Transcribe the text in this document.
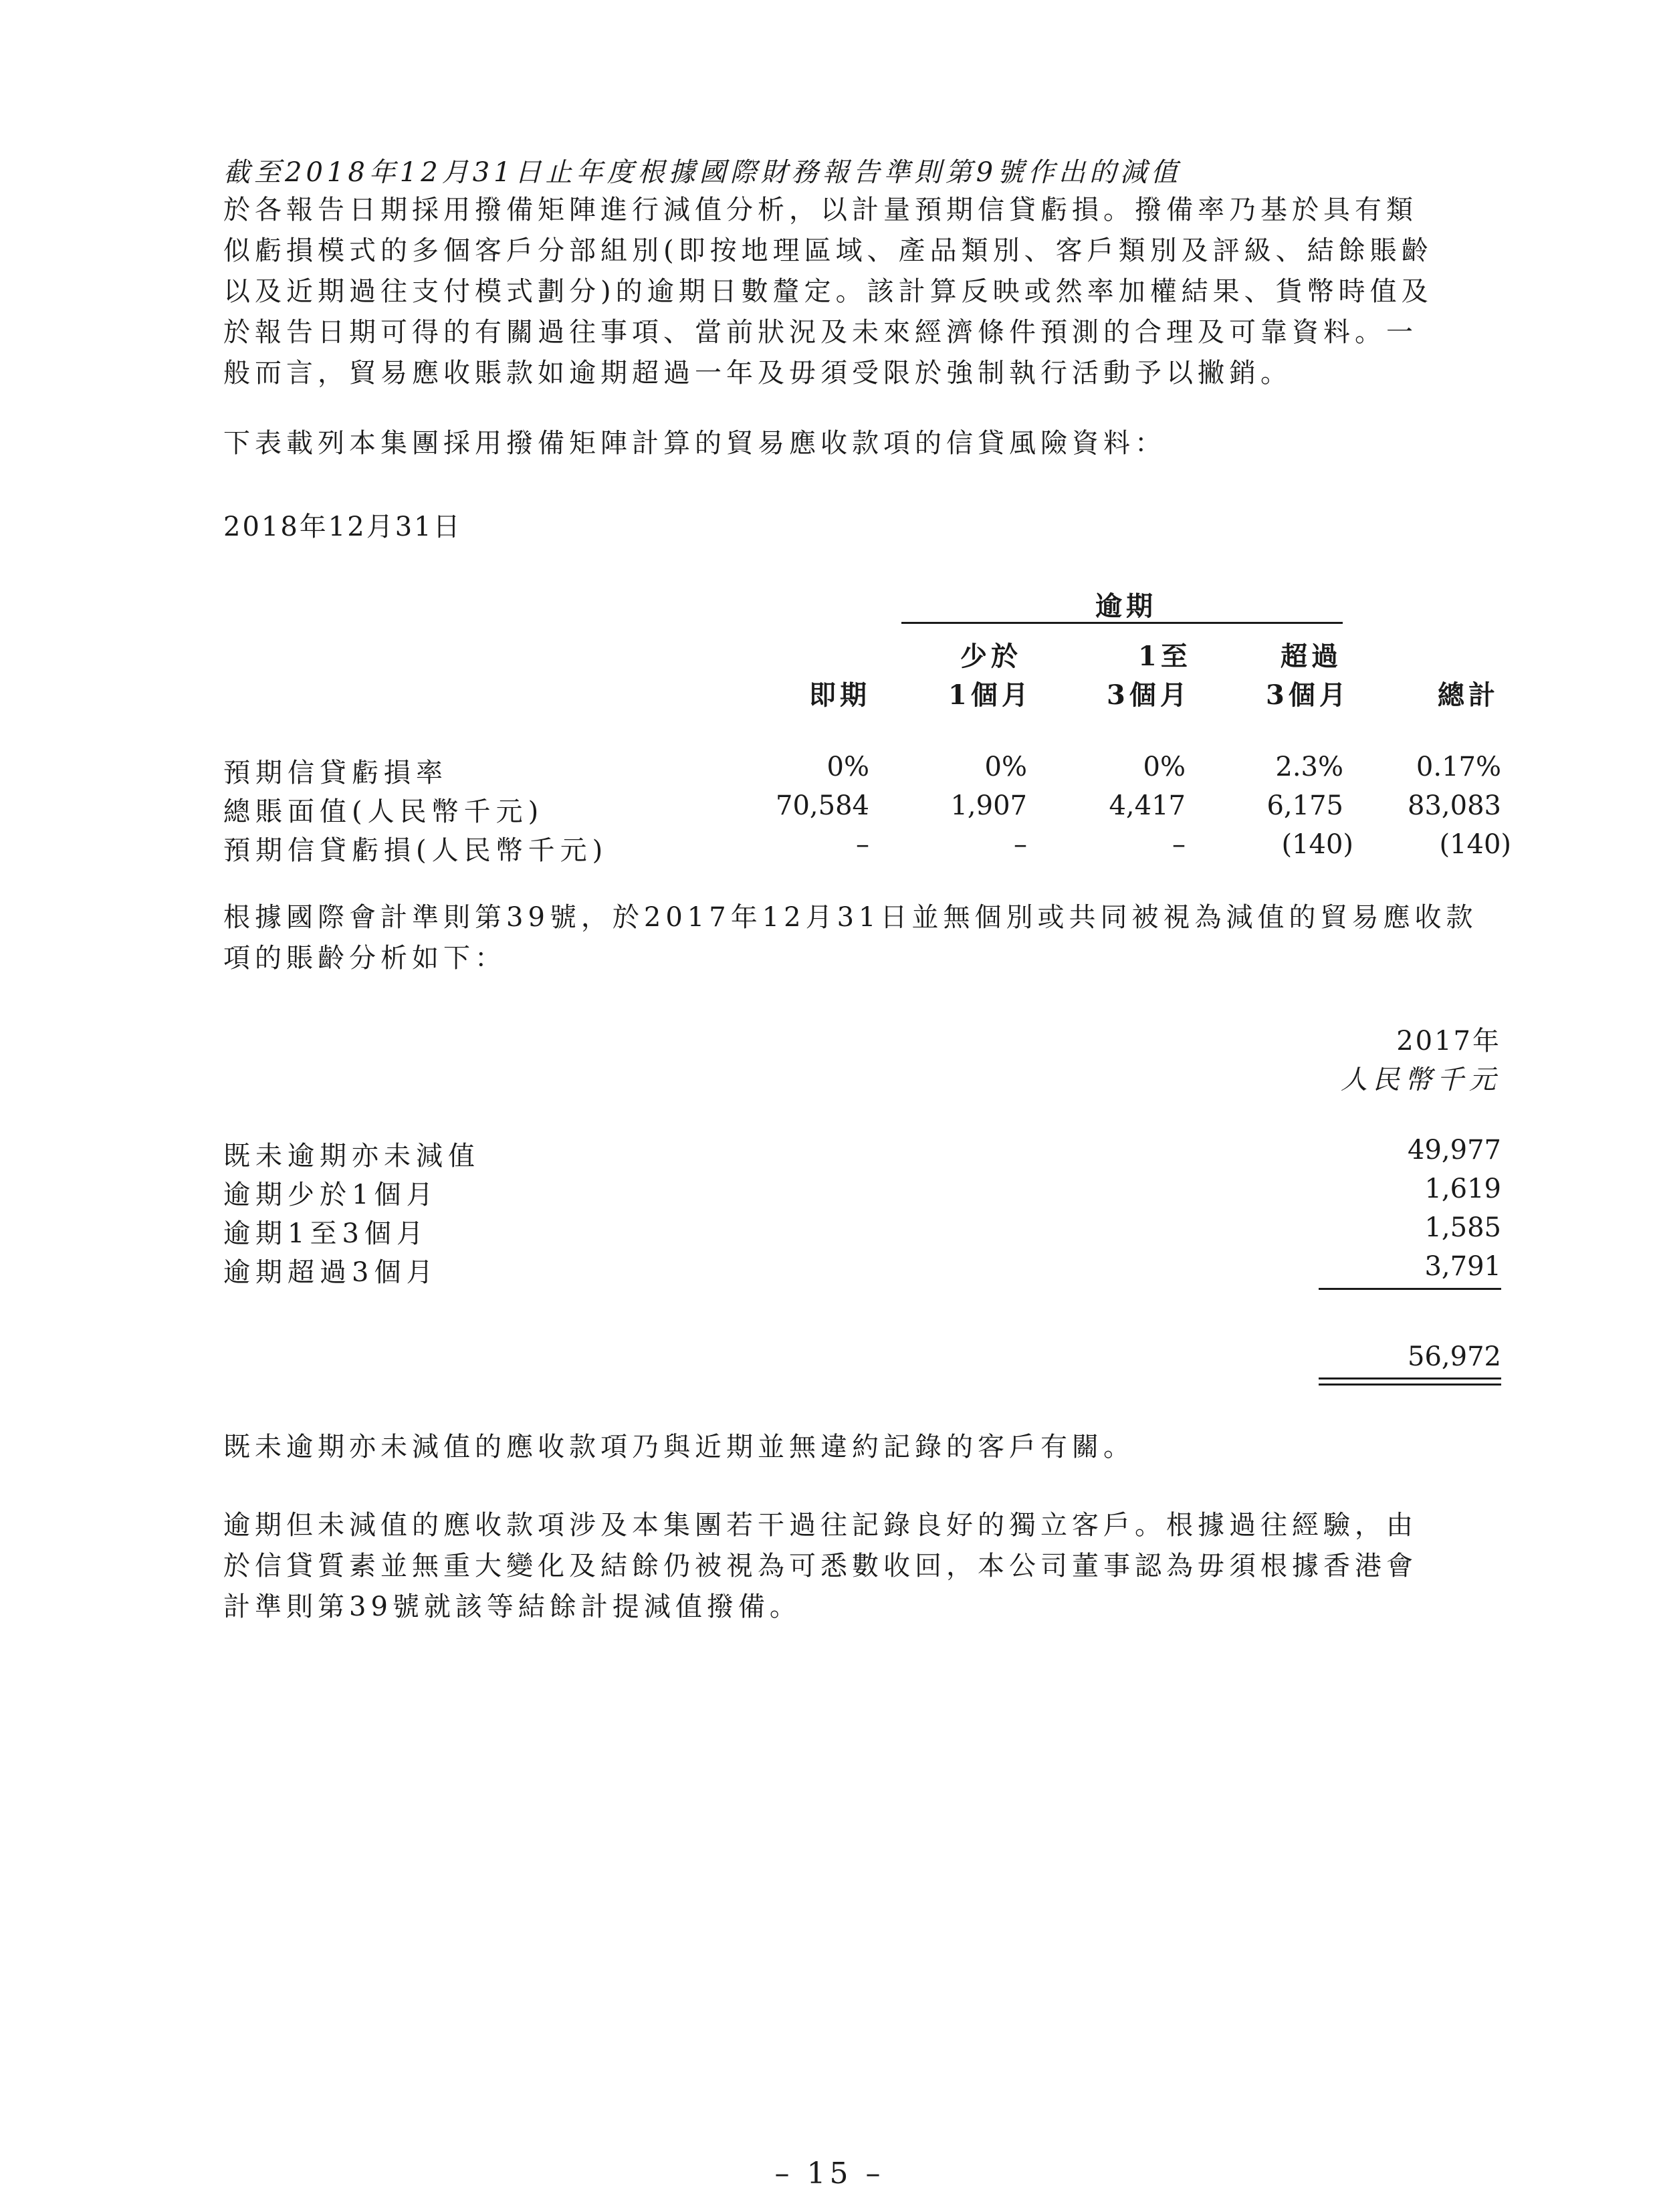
截至2018年12月31日止年度根據國際財務報告準則第9號作出的減值

於各報告日期採用撥備矩陣進行減值分析，以計量預期信貸虧損。撥備率乃基於具有類
似虧損模式的多個客戶分部組別(即按地理區域、產品類別、客戶類別及評級、結餘賬齡
以及近期過往支付模式劃分)的逾期日數釐定。該計算反映或然率加權結果、貨幣時值及
於報告日期可得的有關過往事項、當前狀況及未來經濟條件預測的合理及可靠資料。一
般而言，貿易應收賬款如逾期超過一年及毋須受限於強制執行活動予以撇銷。

下表載列本集團採用撥備矩陣計算的貿易應收款項的信貸風險資料：

2018年12月31日
逾期
少於	1至	超過
即期	1個月	3個月	3個月	總計
預期信貸虧損率	0%	0%	0%	2.3%	0.17%
總賬面值(人民幣千元)	70,584	1,907	4,417	6,175 83,083
預期信貸虧損(人民幣千元)	–	–	–	(140)	(140)

根據國際會計準則第39號，於2017年12月31日並無個別或共同被視為減值的貿易應收款
項的賬齡分析如下：

2017年
人民幣千元
既未逾期亦未減值	49,977
逾期少於1個月	1,619
逾期1至3個月	1,585
逾期超過3個月	3,791
56,972

既未逾期亦未減值的應收款項乃與近期並無違約記錄的客戶有關。

逾期但未減值的應收款項涉及本集團若干過往記錄良好的獨立客戶。根據過往經驗，由
於信貸質素並無重大變化及結餘仍被視為可悉數收回，本公司董事認為毋須根據香港會
計準則第39號就該等結餘計提減值撥備。

– 15 –
